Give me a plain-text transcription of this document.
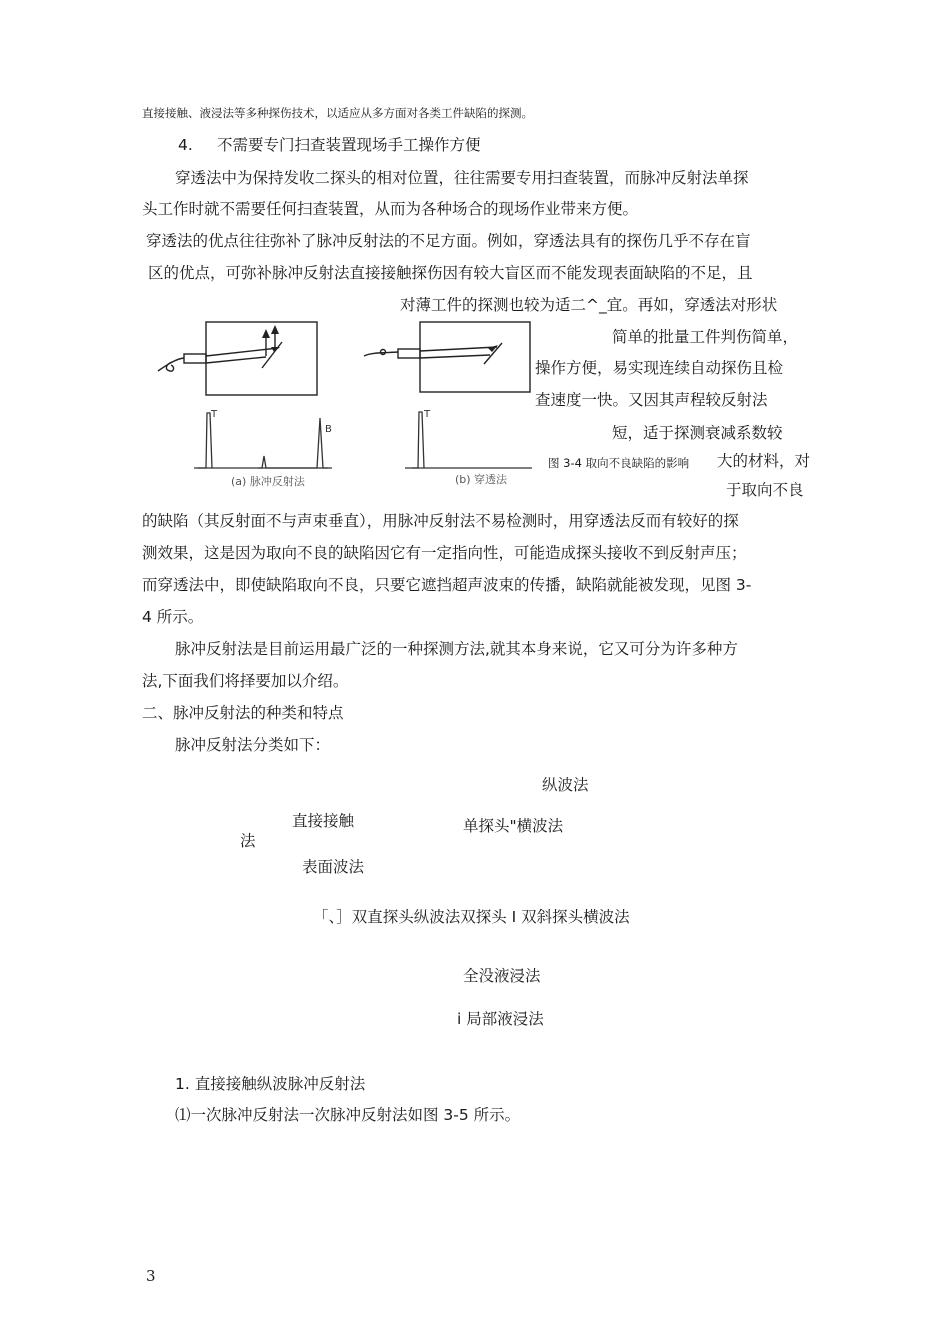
直接接触、液浸法等多种探伤技术，以适应从多方面对各类工件缺陷的探测。
4. 不需要专门扫查装置现场手工操作方便
穿透法中为保持发收二探头的相对位置，往往需要专用扫查装置，而脉冲反射法单探
头工作时就不需要任何扫查装置，从而为各种场合的现场作业带来方便。
穿透法的优点往往弥补了脉冲反射法的不足方面。例如，穿透法具有的探伤几乎不存在盲
区的优点，可弥补脉冲反射法直接接触探伤因有较大盲区而不能发现表面缺陷的不足，且
对薄工件的探测也较为适二^_宜。再如，穿透法对形状
简单的批量工件判伤简单，
操作方便，易实现连续自动探伤且检
查速度一快。又因其声程较反射法
短，适于探测衰减系数较
图 3-4 取向不良缺陷的影响 大的材料，对
于取向不良
T
B
T
(a) 脉冲反射法	(b) 穿透法
的缺陷（其反射面不与声束垂直），用脉冲反射法不易检测时，用穿透法反而有较好的探
测效果，这是因为取向不良的缺陷因它有一定指向性，可能造成探头接收不到反射声压；
而穿透法中，即使缺陷取向不良，只要它遮挡超声波束的传播，缺陷就能被发现，见图 3-
4 所示。
脉冲反射法是目前运用最广泛的一种探测方法,就其本身来说，它又可分为许多种方
法,下面我们将择要加以介绍。
二、脉冲反射法的种类和特点
脉冲反射法分类如下：
纵波法
直接接触	单探头"横波法
法
表面波法
「、］双直探头纵波法双探头 I 双斜探头横波法
全没液浸法
i 局部液浸法
1. 直接接触纵波脉冲反射法
⑴一次脉冲反射法一次脉冲反射法如图 3-5 所示。
3
